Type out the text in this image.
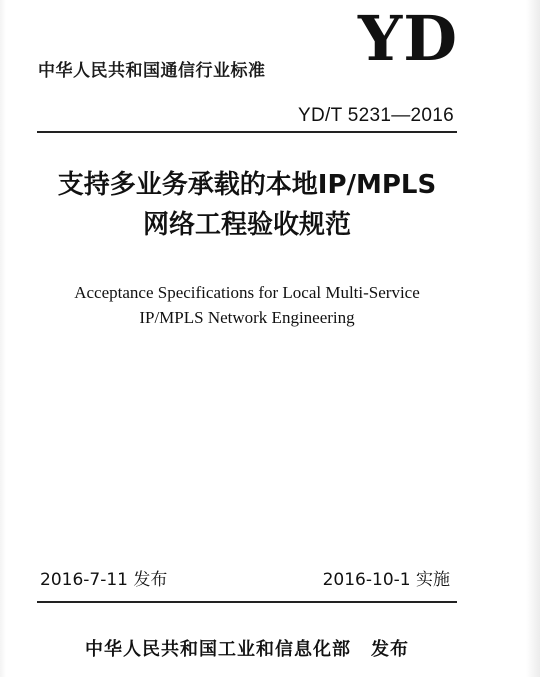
YD
中华人民共和国通信行业标准
YD/T 5231—2016
支持多业务承载的本地IP/MPLS
网络工程验收规范
Acceptance Specifications for Local Multi-Service
IP/MPLS Network Engineering
2016-7-11 发布	2016-10-1 实施
中华人民共和国工业和信息化部 发布
